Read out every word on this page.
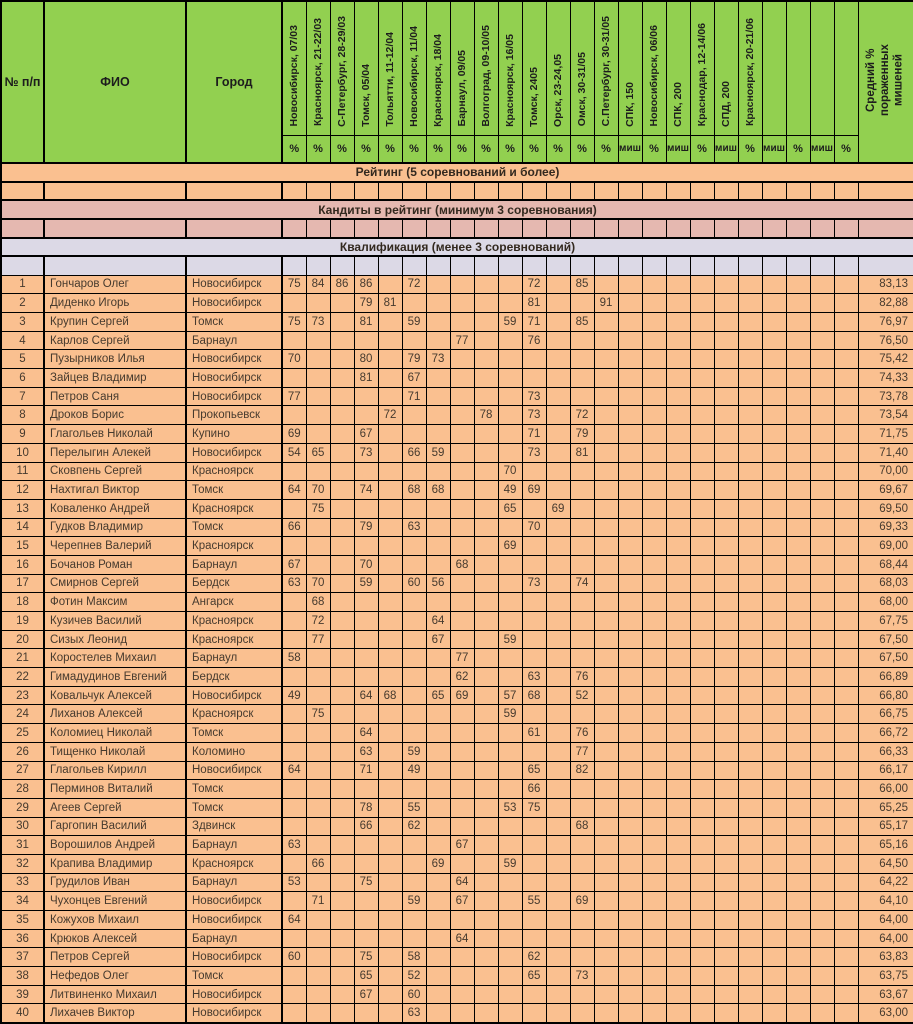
№ п/п	ФИО	Город	Новосибирск, 07/03	Красноярск, 21-22/03	С-Петербург, 28-29/03	Томск, 05/04	Тольятти, 11-12/04	Новосибирск, 11/04	Красноярск, 18/04	Барнаул, 09/05	Волгоград, 09-10/05	Красноярск, 16/05	Томск, 2405	Орск, 23-24,05	Омск, 30-31/05	С.Петербург, 30-31/05	СПК, 150	Новосибирск, 06/06	СПК, 200	Краснодар, 12-14/06	СПД, 200	Красноярск, 20-21/06					Средний % пораженных мишеней
			%	%	%	%	%	%	%	%	%	%	%	%	%	%	миш	%	миш	%	миш	%	миш	%	миш	%	
Рейтинг (5 соревнований и более)																											

Кандиты в рейтинг (минимум 3 соревнования)																											

Квалификация (менее 3 соревнований)																											

1	Гончаров Олег	Новосибирск	75	84	86	86		72					72		85												83,13
2	Диденко Игорь	Новосибирск				79	81						81			91											82,88
3	Крупин Сергей	Томск	75	73		81		59				59	71		85												76,97
4	Карлов Сергей	Барнаул								77			76														76,50
5	Пузырников Илья	Новосибирск	70			80		79	73																		75,42
6	Зайцев Владимир	Новосибирск				81		67																			74,33
7	Петров Саня	Новосибирск	77					71					73														73,78
8	Дроков Борис	Прокопьевск					72				78		73		72												73,54
9	Глагольев Николай	Купино	69			67							71		79												71,75
10	Перелыгин Алекей	Новосибирск	54	65		73		66	59				73		81												71,40
11	Сковпень Сергей	Красноярск										70															70,00
12	Нахтигал Виктор	Томск	64	70		74		68	68			49	69														69,67
13	Коваленко Андрей	Красноярск		75								65		69													69,50
14	Гудков Владимир	Томск	66			79		63					70														69,33
15	Черепнев Валерий	Красноярск										69															69,00
16	Бочанов Роман	Барнаул	67			70				68																	68,44
17	Смирнов Сергей	Бердск	63	70		59		60	56				73		74												68,03
18	Фотин Максим	Ангарск		68																							68,00
19	Кузичев Василий	Красноярск		72					64																		67,75
20	Сизых Леонид	Красноярск		77					67			59															67,50
21	Коростелев Михаил	Барнаул	58							77																	67,50
22	Гимадудинов Евгений	Бердск								62			63		76												66,89
23	Ковальчук Алексей	Новосибирск	49			64	68		65	69		57	68		52												66,80
24	Лиханов Алексей	Красноярск		75								59															66,75
25	Коломиец Николай	Томск				64							61		76												66,72
26	Тищенко Николай	Коломино				63		59							77												66,33
27	Глагольев Кирилл	Новосибирск	64			71		49					65		82												66,17
28	Перминов Виталий	Томск											66														66,00
29	Агеев Сергей	Томск				78		55				53	75														65,25
30	Гаргопин Василий	Здвинск				66		62							68												65,17
31	Ворошилов Андрей	Барнаул	63							67																	65,16
32	Крапива Владимир	Красноярск		66					69			59															64,50
33	Грудилов Иван	Барнаул	53			75				64																	64,22
34	Чухонцев Евгений	Новосибирск		71				59		67			55		69												64,10
35	Кожухов Михаил	Новосибирск	64																								64,00
36	Крюков Алексей	Барнаул								64																	64,00
37	Петров Сергей	Новосибирск	60			75		58					62														63,83
38	Нефедов Олег	Томск				65		52					65		73												63,75
39	Литвиненко Михаил	Новосибирск				67		60																			63,67
40	Лихачев Виктор	Новосибирск						63																			63,00
